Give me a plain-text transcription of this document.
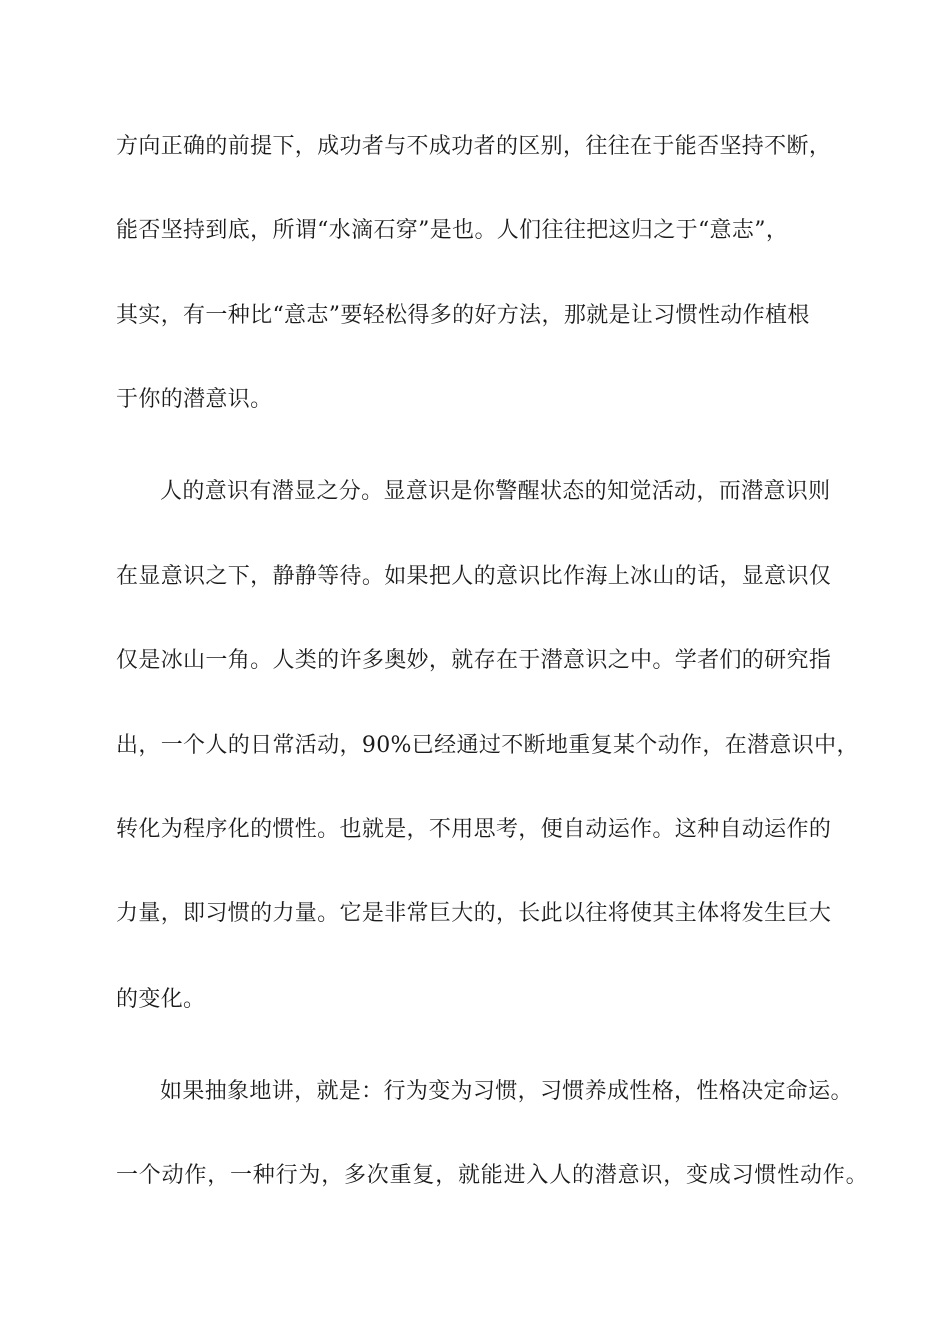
方向正确的前提下，成功者与不成功者的区别，往往在于能否坚持不断，

能否坚持到底，所谓“水滴石穿”是也。人们往往把这归之于“意志”，

其实，有一种比“意志”要轻松得多的好方法，那就是让习惯性动作植根

于你的潜意识。

人的意识有潜显之分。显意识是你警醒状态的知觉活动，而潜意识则

在显意识之下，静静等待。如果把人的意识比作海上冰山的话，显意识仅

仅是冰山一角。人类的许多奥妙，就存在于潜意识之中。学者们的研究指

出，一个人的日常活动，90%已经通过不断地重复某个动作，在潜意识中，

转化为程序化的惯性。也就是，不用思考，便自动运作。这种自动运作的

力量，即习惯的力量。它是非常巨大的，长此以往将使其主体将发生巨大

的变化。

如果抽象地讲，就是：行为变为习惯，习惯养成性格，性格决定命运。

一个动作，一种行为，多次重复，就能进入人的潜意识，变成习惯性动作。
